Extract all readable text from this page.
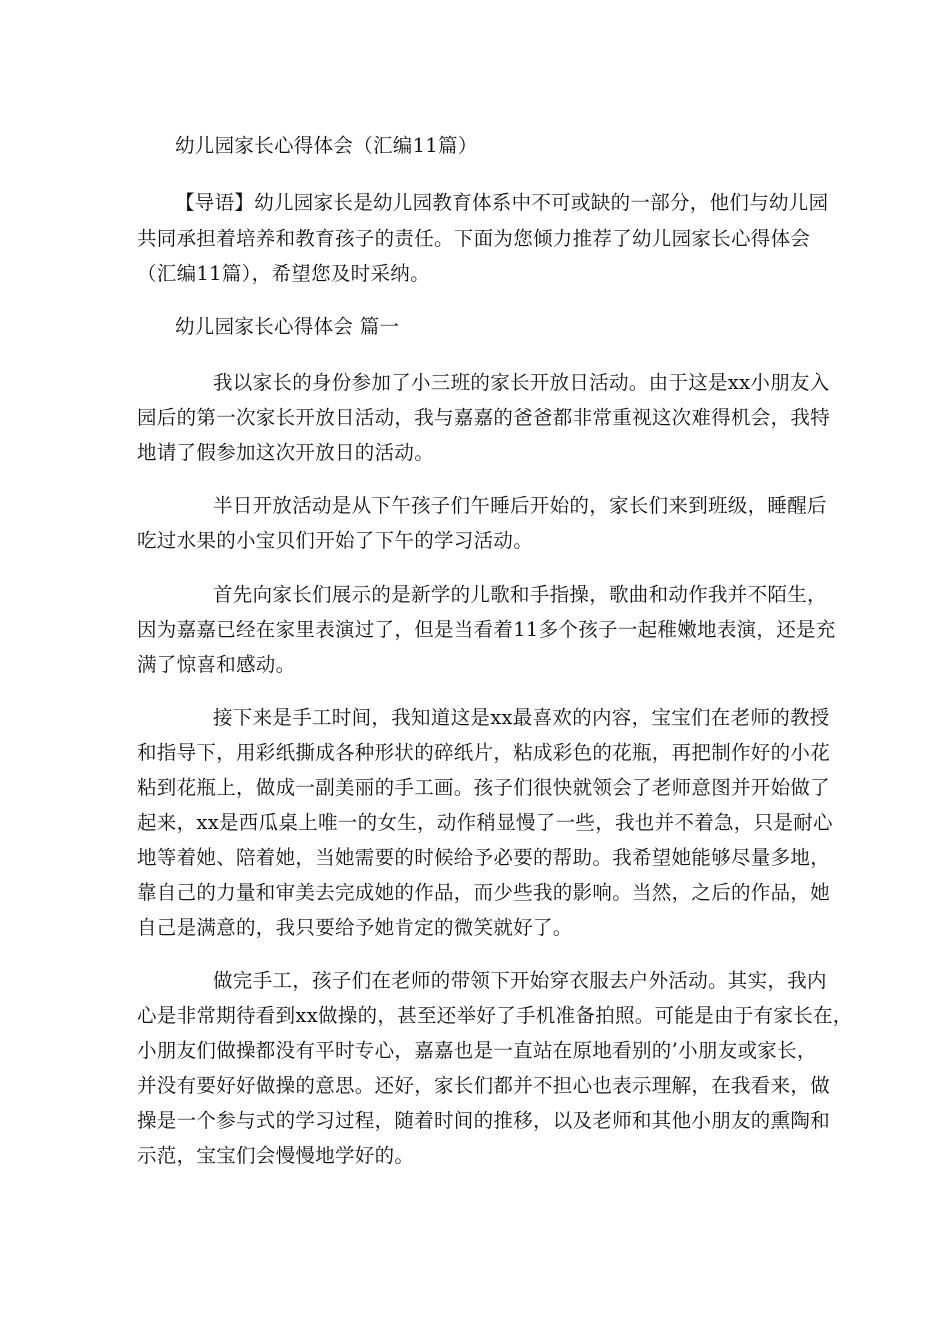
幼儿园家长心得体会（汇编11篇）

【导语】幼儿园家长是幼儿园教育体系中不可或缺的一部分，他们与幼儿园

共同承担着培养和教育孩子的责任。下面为您倾力推荐了幼儿园家长心得体会

（汇编11篇），希望您及时采纳。

幼儿园家长心得体会 篇一

我以家长的身份参加了小三班的家长开放日活动。由于这是xx小朋友入

园后的第一次家长开放日活动，我与嘉嘉的爸爸都非常重视这次难得机会，我特

地请了假参加这次开放日的活动。

半日开放活动是从下午孩子们午睡后开始的，家长们来到班级，睡醒后

吃过水果的小宝贝们开始了下午的学习活动。

首先向家长们展示的是新学的儿歌和手指操，歌曲和动作我并不陌生，

因为嘉嘉已经在家里表演过了，但是当看着11多个孩子一起稚嫩地表演，还是充

满了惊喜和感动。

接下来是手工时间，我知道这是xx最喜欢的内容，宝宝们在老师的教授

和指导下，用彩纸撕成各种形状的碎纸片，粘成彩色的花瓶，再把制作好的小花

粘到花瓶上，做成一副美丽的手工画。孩子们很快就领会了老师意图并开始做了

起来，xx是西瓜桌上唯一的女生，动作稍显慢了一些，我也并不着急，只是耐心

地等着她、陪着她，当她需要的时候给予必要的帮助。我希望她能够尽量多地，

靠自己的力量和审美去完成她的作品，而少些我的影响。当然，之后的作品，她

自己是满意的，我只要给予她肯定的微笑就好了。

做完手工，孩子们在老师的带领下开始穿衣服去户外活动。其实，我内

心是非常期待看到xx做操的，甚至还举好了手机准备拍照。可能是由于有家长在，

小朋友们做操都没有平时专心，嘉嘉也是一直站在原地看别的’小朋友或家长，

并没有要好好做操的意思。还好，家长们都并不担心也表示理解，在我看来，做

操是一个参与式的学习过程，随着时间的推移，以及老师和其他小朋友的熏陶和

示范，宝宝们会慢慢地学好的。
